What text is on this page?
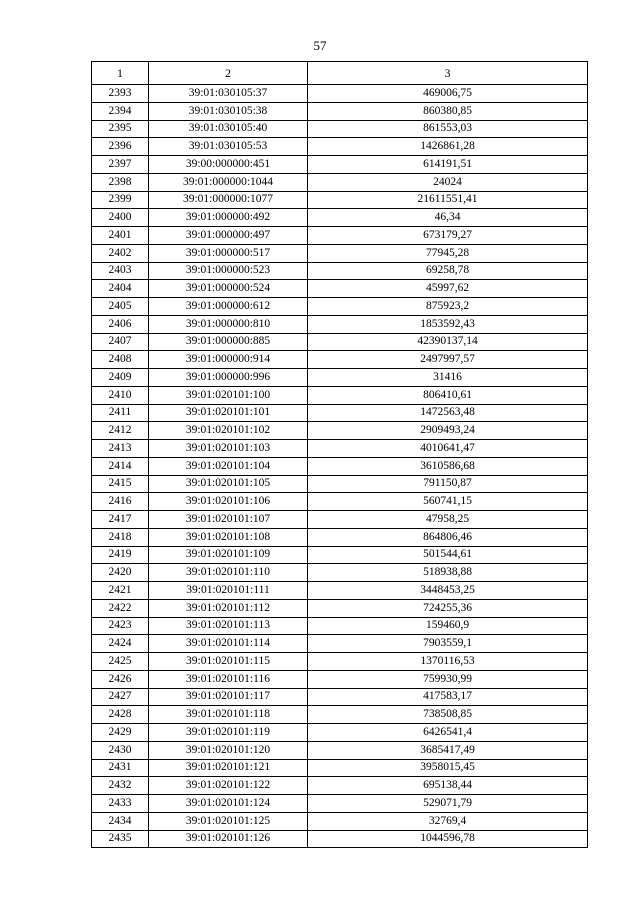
57
1	2	3
2393	39:01:030105:37	469006,75
2394	39:01:030105:38	860380,85
2395	39:01:030105:40	861553,03
2396	39:01:030105:53	1426861,28
2397	39:00:000000:451	614191,51
2398	39:01:000000:1044	24024
2399	39:01:000000:1077	21611551,41
2400	39:01:000000:492	46,34
2401	39:01:000000:497	673179,27
2402	39:01:000000:517	77945,28
2403	39:01:000000:523	69258,78
2404	39:01:000000:524	45997,62
2405	39:01:000000:612	875923,2
2406	39:01:000000:810	1853592,43
2407	39:01:000000:885	42390137,14
2408	39:01:000000:914	2497997,57
2409	39:01:000000:996	31416
2410	39:01:020101:100	806410,61
2411	39:01:020101:101	1472563,48
2412	39:01:020101:102	2909493,24
2413	39:01:020101:103	4010641,47
2414	39:01:020101:104	3610586,68
2415	39:01:020101:105	791150,87
2416	39:01:020101:106	560741,15
2417	39:01:020101:107	47958,25
2418	39:01:020101:108	864806,46
2419	39:01:020101:109	501544,61
2420	39:01:020101:110	518938,88
2421	39:01:020101:111	3448453,25
2422	39:01:020101:112	724255,36
2423	39:01:020101:113	159460,9
2424	39:01:020101:114	7903559,1
2425	39:01:020101:115	1370116,53
2426	39:01:020101:116	759930,99
2427	39:01:020101:117	417583,17
2428	39:01:020101:118	738508,85
2429	39:01:020101:119	6426541,4
2430	39:01:020101:120	3685417,49
2431	39:01:020101:121	3958015,45
2432	39:01:020101:122	695138,44
2433	39:01:020101:124	529071,79
2434	39:01:020101:125	32769,4
2435	39:01:020101:126	1044596,78
